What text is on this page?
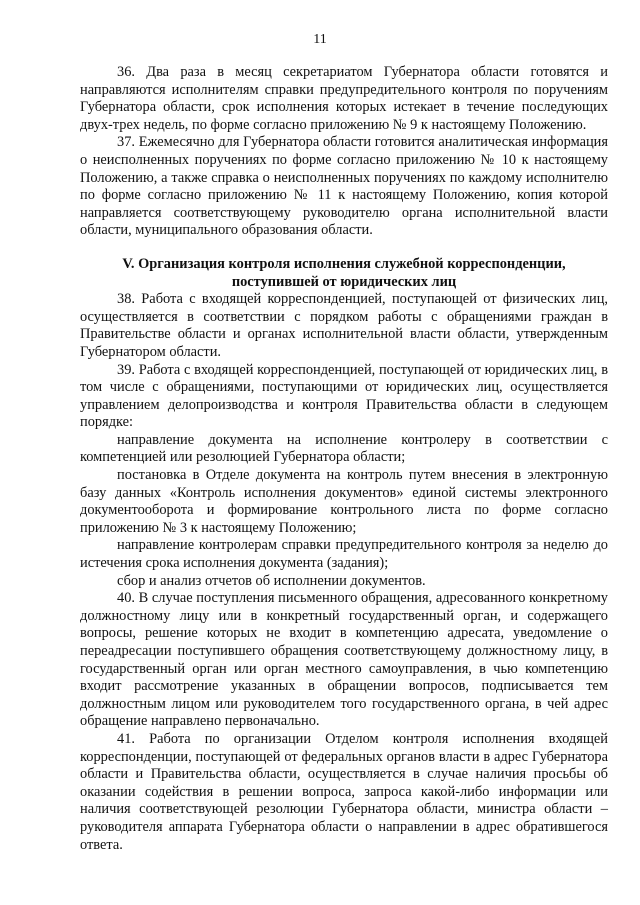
11

36. Два раза в месяц секретариатом Губернатора области готовятся и направляются исполнителям справки предупредительного контроля по поручениям Губернатора области, срок исполнения которых истекает в течение последующих двух-трех недель, по форме согласно приложению № 9 к настоящему Положению.

37. Ежемесячно для Губернатора области готовится аналитическая информация о неисполненных поручениях по форме согласно приложению № 10 к настоящему Положению, а также справка о неисполненных поручениях по каждому исполнителю по форме согласно приложению № 11 к настоящему Положению, копия которой направляется соответствующему руководителю органа исполнительной власти области, муниципального образования области.

V. Организация контроля исполнения служебной корреспонденции,
поступившей от юридических лиц

38. Работа с входящей корреспонденцией, поступающей от физических лиц, осуществляется в соответствии с порядком работы с обращениями граждан в Правительстве области и органах исполнительной власти области, утвержденным Губернатором области.

39. Работа с входящей корреспонденцией, поступающей от юридических лиц, в том числе с обращениями, поступающими от юридических лиц, осуществляется управлением делопроизводства и контроля Правительства области в следующем порядке:

направление документа на исполнение контролеру в соответствии с компетенцией или резолюцией Губернатора области;

постановка в Отделе документа на контроль путем внесения в электронную базу данных «Контроль исполнения документов» единой системы электронного документооборота и формирование контрольного листа по форме согласно приложению № 3 к настоящему Положению;

направление контролерам справки предупредительного контроля за неделю до истечения срока исполнения документа (задания);

сбор и анализ отчетов об исполнении документов.

40. В случае поступления письменного обращения, адресованного конкретному должностному лицу или в конкретный государственный орган, и содержащего вопросы, решение которых не входит в компетенцию адресата, уведомление о переадресации поступившего обращения соответствующему должностному лицу, в государственный орган или орган местного самоуправления, в чью компетенцию входит рассмотрение указанных в обращении вопросов, подписывается тем должностным лицом или руководителем того государственного органа, в чей адрес обращение направлено первоначально.

41. Работа по организации Отделом контроля исполнения входящей корреспонденции, поступающей от федеральных органов власти в адрес Губернатора области и Правительства области, осуществляется в случае наличия просьбы об оказании содействия в решении вопроса, запроса какой-либо информации или наличия соответствующей резолюции Губернатора области, министра области – руководителя аппарата Губернатора области о направлении в адрес обратившегося ответа.
